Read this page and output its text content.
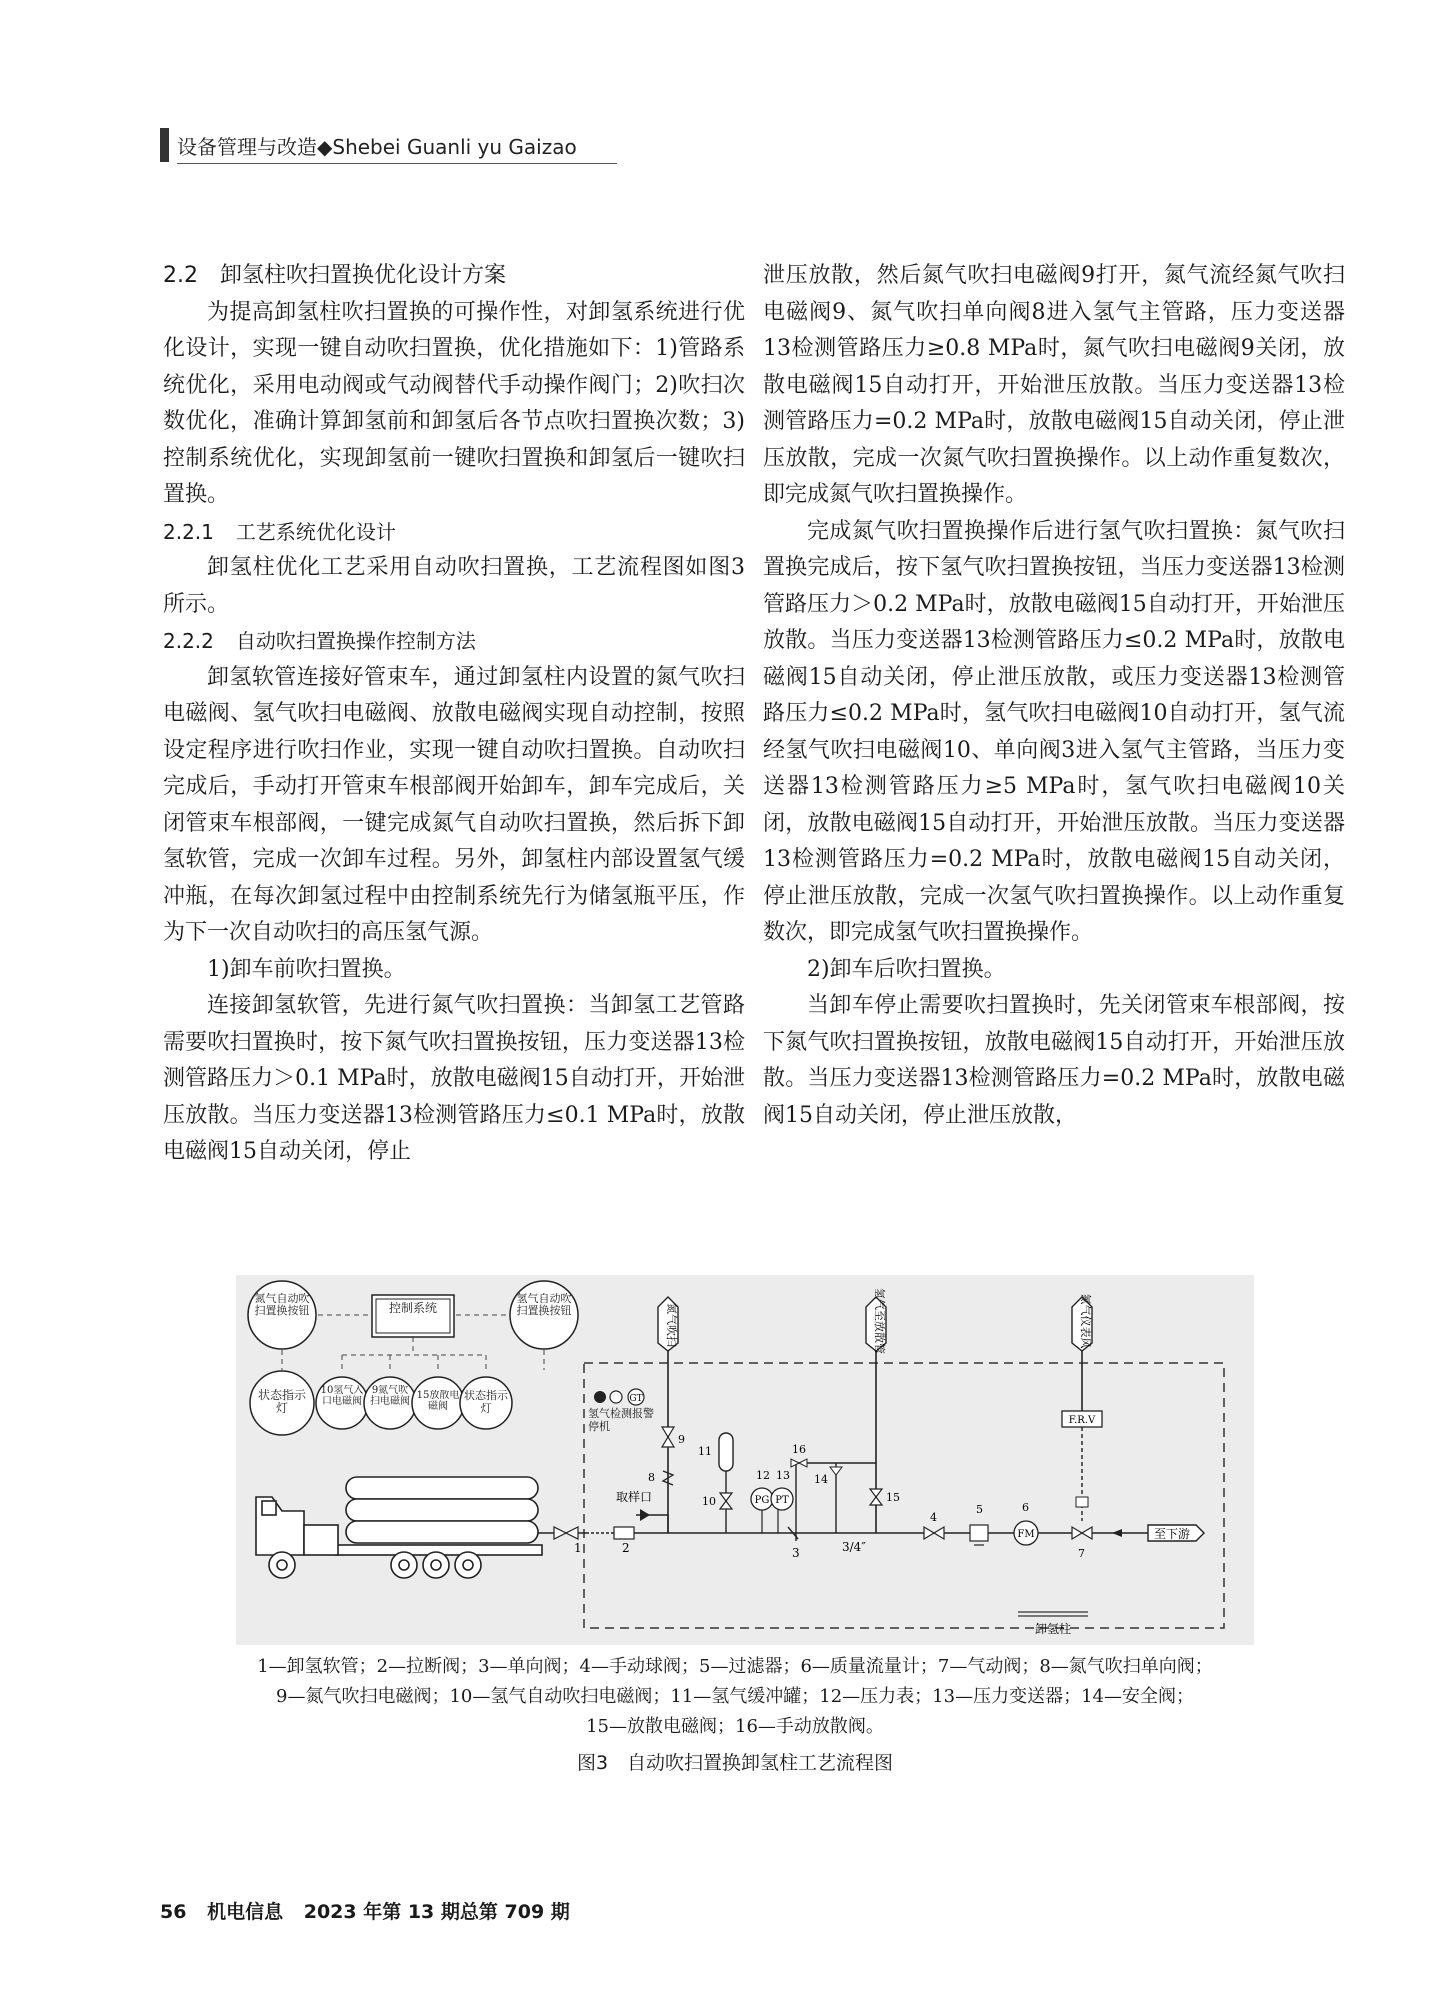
设备管理与改造◆Shebei Guanli yu Gaizao
2.2 卸氢柱吹扫置换优化设计方案

为提高卸氢柱吹扫置换的可操作性，对卸氢系统进行优化设计，实现一键自动吹扫置换，优化措施如下：1)管路系统优化，采用电动阀或气动阀替代手动操作阀门；2)吹扫次数优化，准确计算卸氢前和卸氢后各节点吹扫置换次数；3)控制系统优化，实现卸氢前一键吹扫置换和卸氢后一键吹扫置换。

2.2.1 工艺系统优化设计

卸氢柱优化工艺采用自动吹扫置换，工艺流程图如图3所示。

2.2.2 自动吹扫置换操作控制方法

卸氢软管连接好管束车，通过卸氢柱内设置的氮气吹扫电磁阀、氢气吹扫电磁阀、放散电磁阀实现自动控制，按照设定程序进行吹扫作业，实现一键自动吹扫置换。自动吹扫完成后，手动打开管束车根部阀开始卸车，卸车完成后，关闭管束车根部阀，一键完成氮气自动吹扫置换，然后拆下卸氢软管，完成一次卸车过程。另外，卸氢柱内部设置氢气缓冲瓶，在每次卸氢过程中由控制系统先行为储氢瓶平压，作为下一次自动吹扫的高压氢气源。

1)卸车前吹扫置换。

连接卸氢软管，先进行氮气吹扫置换：当卸氢工艺管路需要吹扫置换时，按下氮气吹扫置换按钮，压力变送器13检测管路压力＞0.1 MPa时，放散电磁阀15自动打开，开始泄压放散。当压力变送器13检测管路压力≤0.1 MPa时，放散电磁阀15自动关闭，停止

泄压放散，然后氮气吹扫电磁阀9打开，氮气流经氮气吹扫电磁阀9、氮气吹扫单向阀8进入氢气主管路，压力变送器13检测管路压力≥0.8 MPa时，氮气吹扫电磁阀9关闭，放散电磁阀15自动打开，开始泄压放散。当压力变送器13检测管路压力=0.2 MPa时，放散电磁阀15自动关闭，停止泄压放散，完成一次氮气吹扫置换操作。以上动作重复数次，即完成氮气吹扫置换操作。

完成氮气吹扫置换操作后进行氢气吹扫置换：氮气吹扫置换完成后，按下氢气吹扫置换按钮，当压力变送器13检测管路压力＞0.2 MPa时，放散电磁阀15自动打开，开始泄压放散。当压力变送器13检测管路压力≤0.2 MPa时，放散电磁阀15自动关闭，停止泄压放散，或压力变送器13检测管路压力≤0.2 MPa时，氢气吹扫电磁阀10自动打开，氢气流经氢气吹扫电磁阀10、单向阀3进入氢气主管路，当压力变送器13检测管路压力≥5 MPa时，氢气吹扫电磁阀10关闭，放散电磁阀15自动打开，开始泄压放散。当压力变送器13检测管路压力=0.2 MPa时，放散电磁阀15自动关闭，停止泄压放散，完成一次氢气吹扫置换操作。以上动作重复数次，即完成氢气吹扫置换操作。

2)卸车后吹扫置换。

当卸车停止需要吹扫置换时，先关闭管束车根部阀，按下氮气吹扫置换按钮，放散电磁阀15自动打开，开始泄压放散。当压力变送器13检测管路压力=0.2 MPa时，放散电磁阀15自动关闭，停止泄压放散，

氮气自动吹扫置换按钮	控制系统
氢气自动吹扫置换按钮
状态指示灯
10氢气入口电磁阀
9氮气吹扫电磁阀
15放散电磁阀
状态指示灯
卸氢柱
至下游
1	2
取样口
氮气吹扫
9
8
GT
氢气检测报警停机
11
10	PG PT
12 13
3
16
氢气至放散管
14
15
3/4″
4
5
FM
6
氮气仪表风
F.R.V
7
1—卸氢软管；2—拉断阀；3—单向阀；4—手动球阀；5—过滤器；6—质量流量计；7—气动阀；8—氮气吹扫单向阀；
9—氮气吹扫电磁阀；10—氢气自动吹扫电磁阀；11—氢气缓冲罐；12—压力表；13—压力变送器；14—安全阀；
15—放散电磁阀；16—手动放散阀。
图3　自动吹扫置换卸氢柱工艺流程图
56 机电信息 2023 年第 13 期总第 709 期
